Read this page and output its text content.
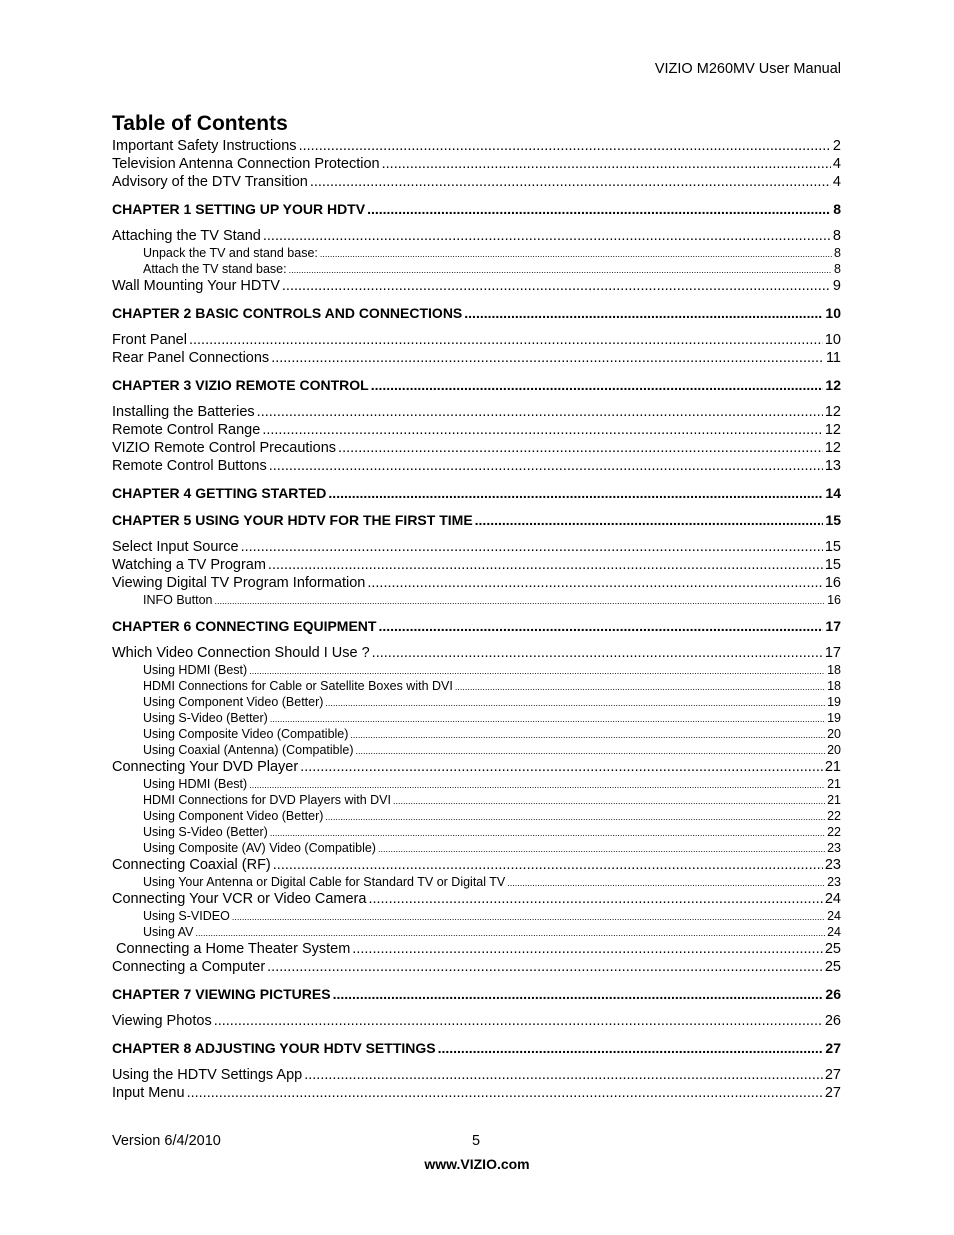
VIZIO M260MV User Manual
Table of Contents
Important Safety Instructions .....	2
Television Antenna Connection Protection .....	4
Advisory of the DTV Transition .....	4
CHAPTER 1 SETTING UP YOUR HDTV .....	8
Attaching the TV Stand .....	8
Unpack the TV and stand base: .....	8
Attach the TV stand base: .....	8
Wall Mounting Your HDTV .....	9
CHAPTER 2 BASIC CONTROLS AND CONNECTIONS .....	10
Front Panel .....	10
Rear Panel Connections .....	11
CHAPTER 3 VIZIO REMOTE CONTROL .....	12
Installing the Batteries .....	12
Remote Control Range .....	12
VIZIO Remote Control Precautions .....	12
Remote Control Buttons .....	13
CHAPTER 4 GETTING STARTED .....	14
CHAPTER 5 USING YOUR HDTV FOR THE FIRST TIME .....	15
Select Input Source .....	15
Watching a TV Program .....	15
Viewing Digital TV Program Information .....	16
INFO Button .....	16
CHAPTER 6 CONNECTING EQUIPMENT .....	17
Which Video Connection Should I Use ? .....	17
Using HDMI (Best) .....	18
HDMI Connections for Cable or Satellite Boxes with DVI .....	18
Using Component Video (Better) .....	19
Using S-Video (Better) .....	19
Using Composite Video (Compatible) .....	20
Using Coaxial (Antenna) (Compatible) .....	20
Connecting Your DVD Player .....	21
Using HDMI (Best) .....	21
HDMI Connections for DVD Players with DVI .....	21
Using Component Video (Better) .....	22
Using S-Video (Better) .....	22
Using Composite (AV) Video (Compatible) .....	23
Connecting Coaxial (RF) .....	23
Using Your Antenna or Digital Cable for Standard TV or Digital TV .....	23
Connecting Your VCR or Video Camera .....	24
Using S-VIDEO .....	24
Using AV .....	24
Connecting a Home Theater System .....	25
Connecting a Computer .....	25
CHAPTER 7 VIEWING PICTURES .....	26
Viewing Photos .....	26
CHAPTER 8 ADJUSTING YOUR HDTV SETTINGS .....	27
Using the HDTV Settings App .....	27
Input Menu .....	27
Version 6/4/2010	5
www.VIZIO.com
